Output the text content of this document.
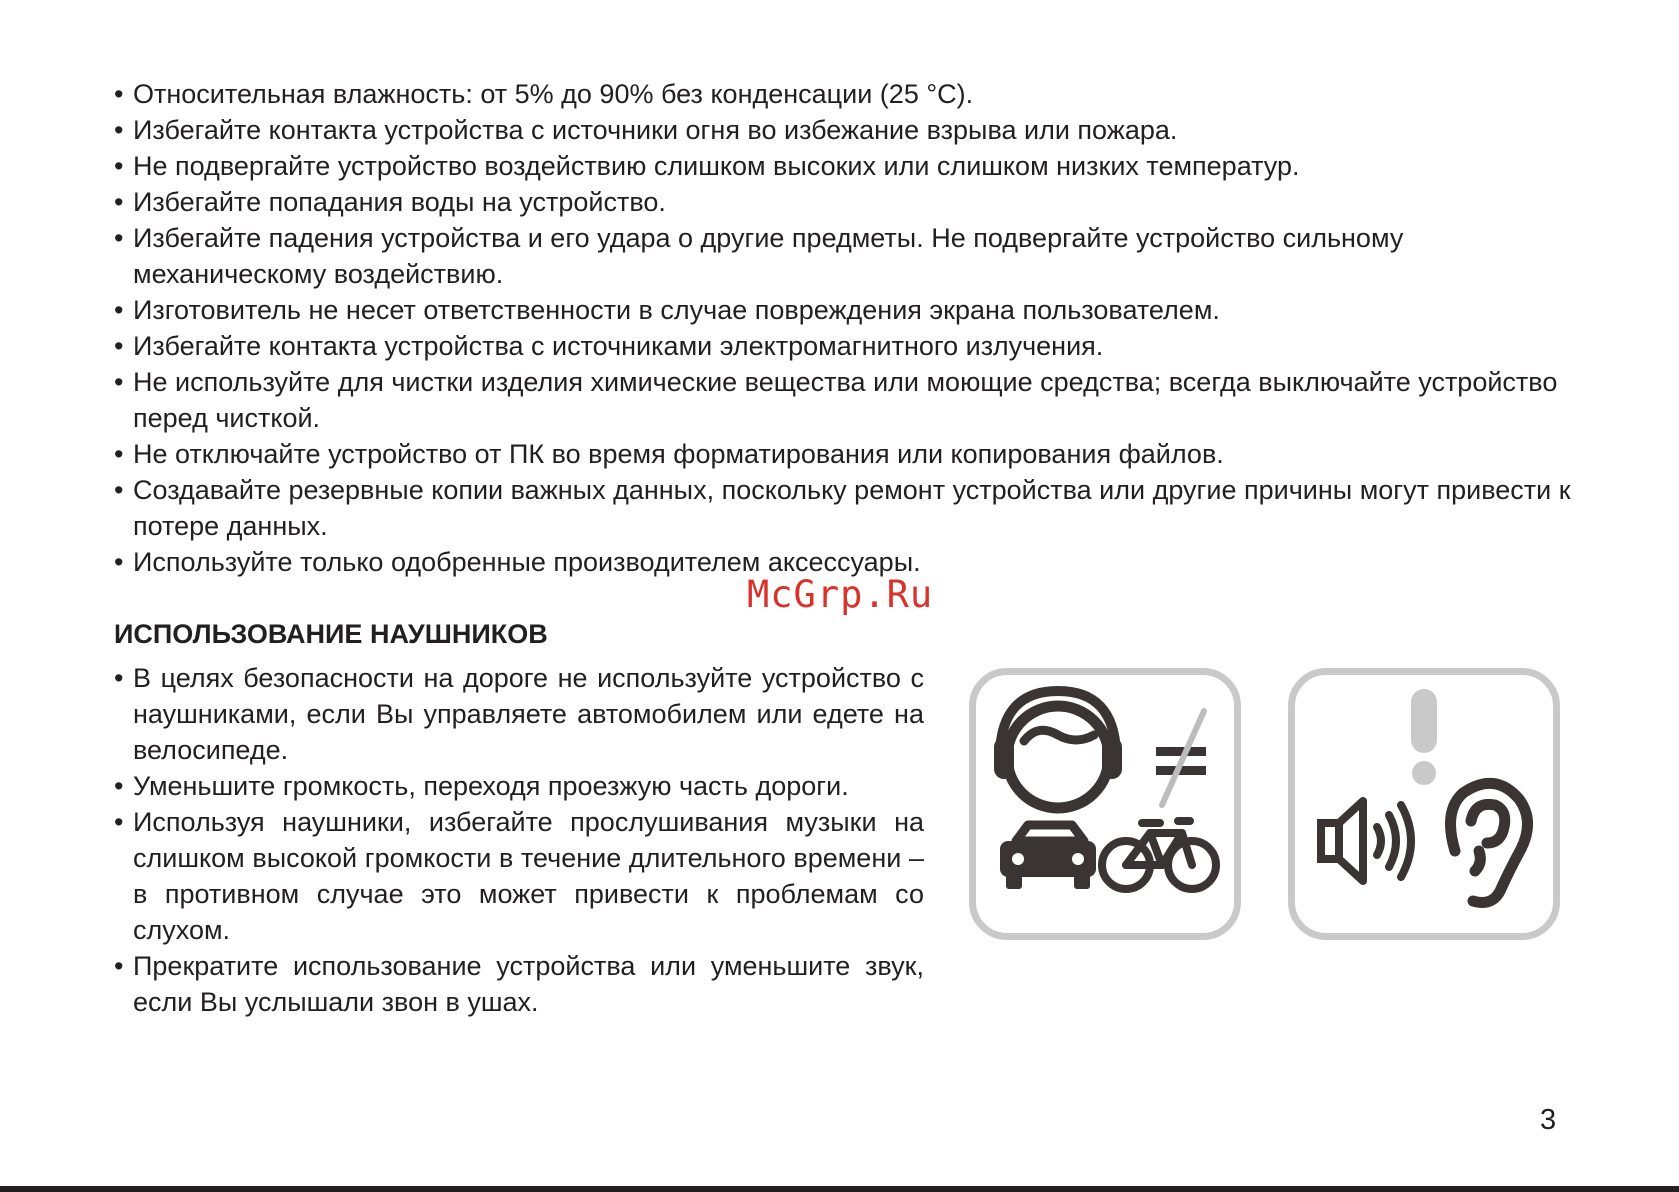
• Относительная влажность: от 5% до 90% без конденсации (25 °C).
• Избегайте контакта устройства с источники огня во избежание взрыва или пожара.
• Не подвергайте устройство воздействию слишком высоких или слишком низких температур.
• Избегайте попадания воды на устройство.
• Избегайте падения устройства и его удара о другие предметы. Не подвергайте устройство сильному механическому воздействию.
• Изготовитель не несет ответственности в случае повреждения экрана пользователем.
• Избегайте контакта устройства с источниками электромагнитного излучения.
• Не используйте для чистки изделия химические вещества или моющие средства; всегда выключайте устройство перед чисткой.
• Не отключайте устройство от ПК во время форматирования или копирования файлов.
• Создавайте резервные копии важных данных, поскольку ремонт устройства или другие причины могут привести к потере данных.
• Используйте только одобренные производителем аксессуары.
McGrp.Ru
ИСПОЛЬЗОВАНИЕ НАУШНИКОВ
• В целях безопасности на дороге не используйте устройство с наушниками, если Вы управляете автомобилем или едете на велосипеде.
• Уменьшите громкость, переходя проезжую часть дороги.
• Используя наушники, избегайте прослушивания музыки на слишком высокой громкости в течение длительного времени – в противном случае это может привести к проблемам со слухом.
• Прекратите использование устройства или уменьшите звук, если Вы услышали звон в ушах.
3
